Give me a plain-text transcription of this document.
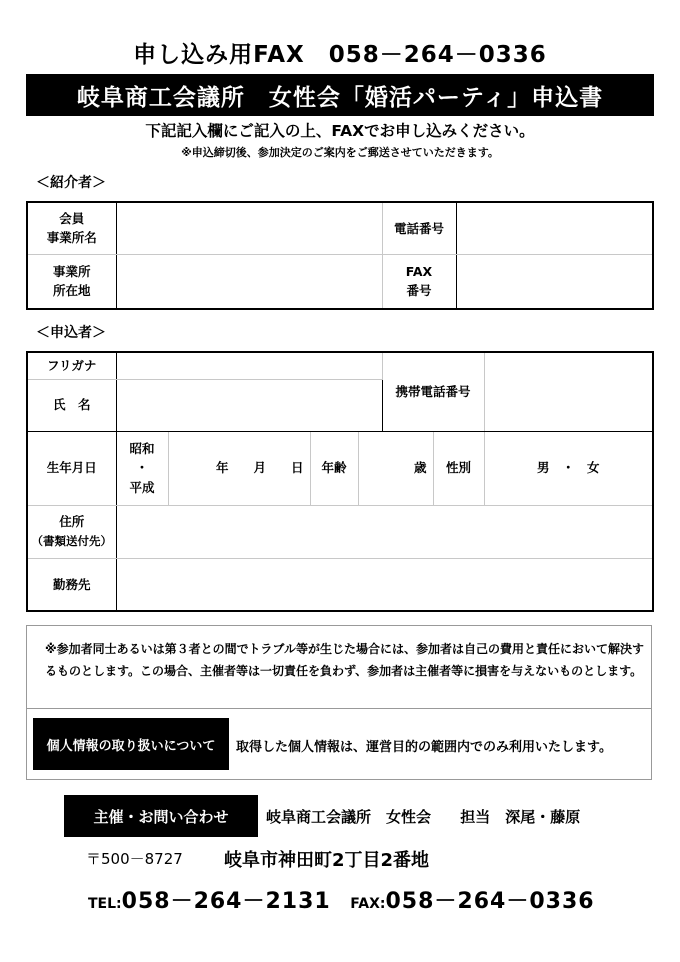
申し込み用FAX　058－264－0336
岐阜商工会議所　女性会「婚活パーティ」申込書
下記記入欄にご記入の上、FAXでお申し込みください。
※申込締切後、参加決定のご案内をご郵送させていただきます。
＜紹介者＞
会員
事業所名		電話番号	
事業所
所在地		FAX
番号	
＜申込者＞
フリガナ					携帯電話番号		
氏　名							
生年月日	昭和
・
平成	年　　月　　日	年齢	歳		性別	男　・　女
住所
（書類送付先）							
勤務先							
※参加者同士あるいは第３者との間でトラブル等が生じた場合には、参加者は自己の費用と責任において解決するものとします。この場合、主催者等は一切責任を負わず、参加者は主催者等に損害を与えないものとします。
個人情報の取り扱いについて	取得した個人情報は、運営目的の範囲内でのみ利用いたします。
主催・お問い合わせ	岐阜商工会議所　女性会 担当　深尾・藤原
〒500－8727 岐阜市神田町2丁目2番地
TEL:058－264－2131 FAX:058－264－0336
